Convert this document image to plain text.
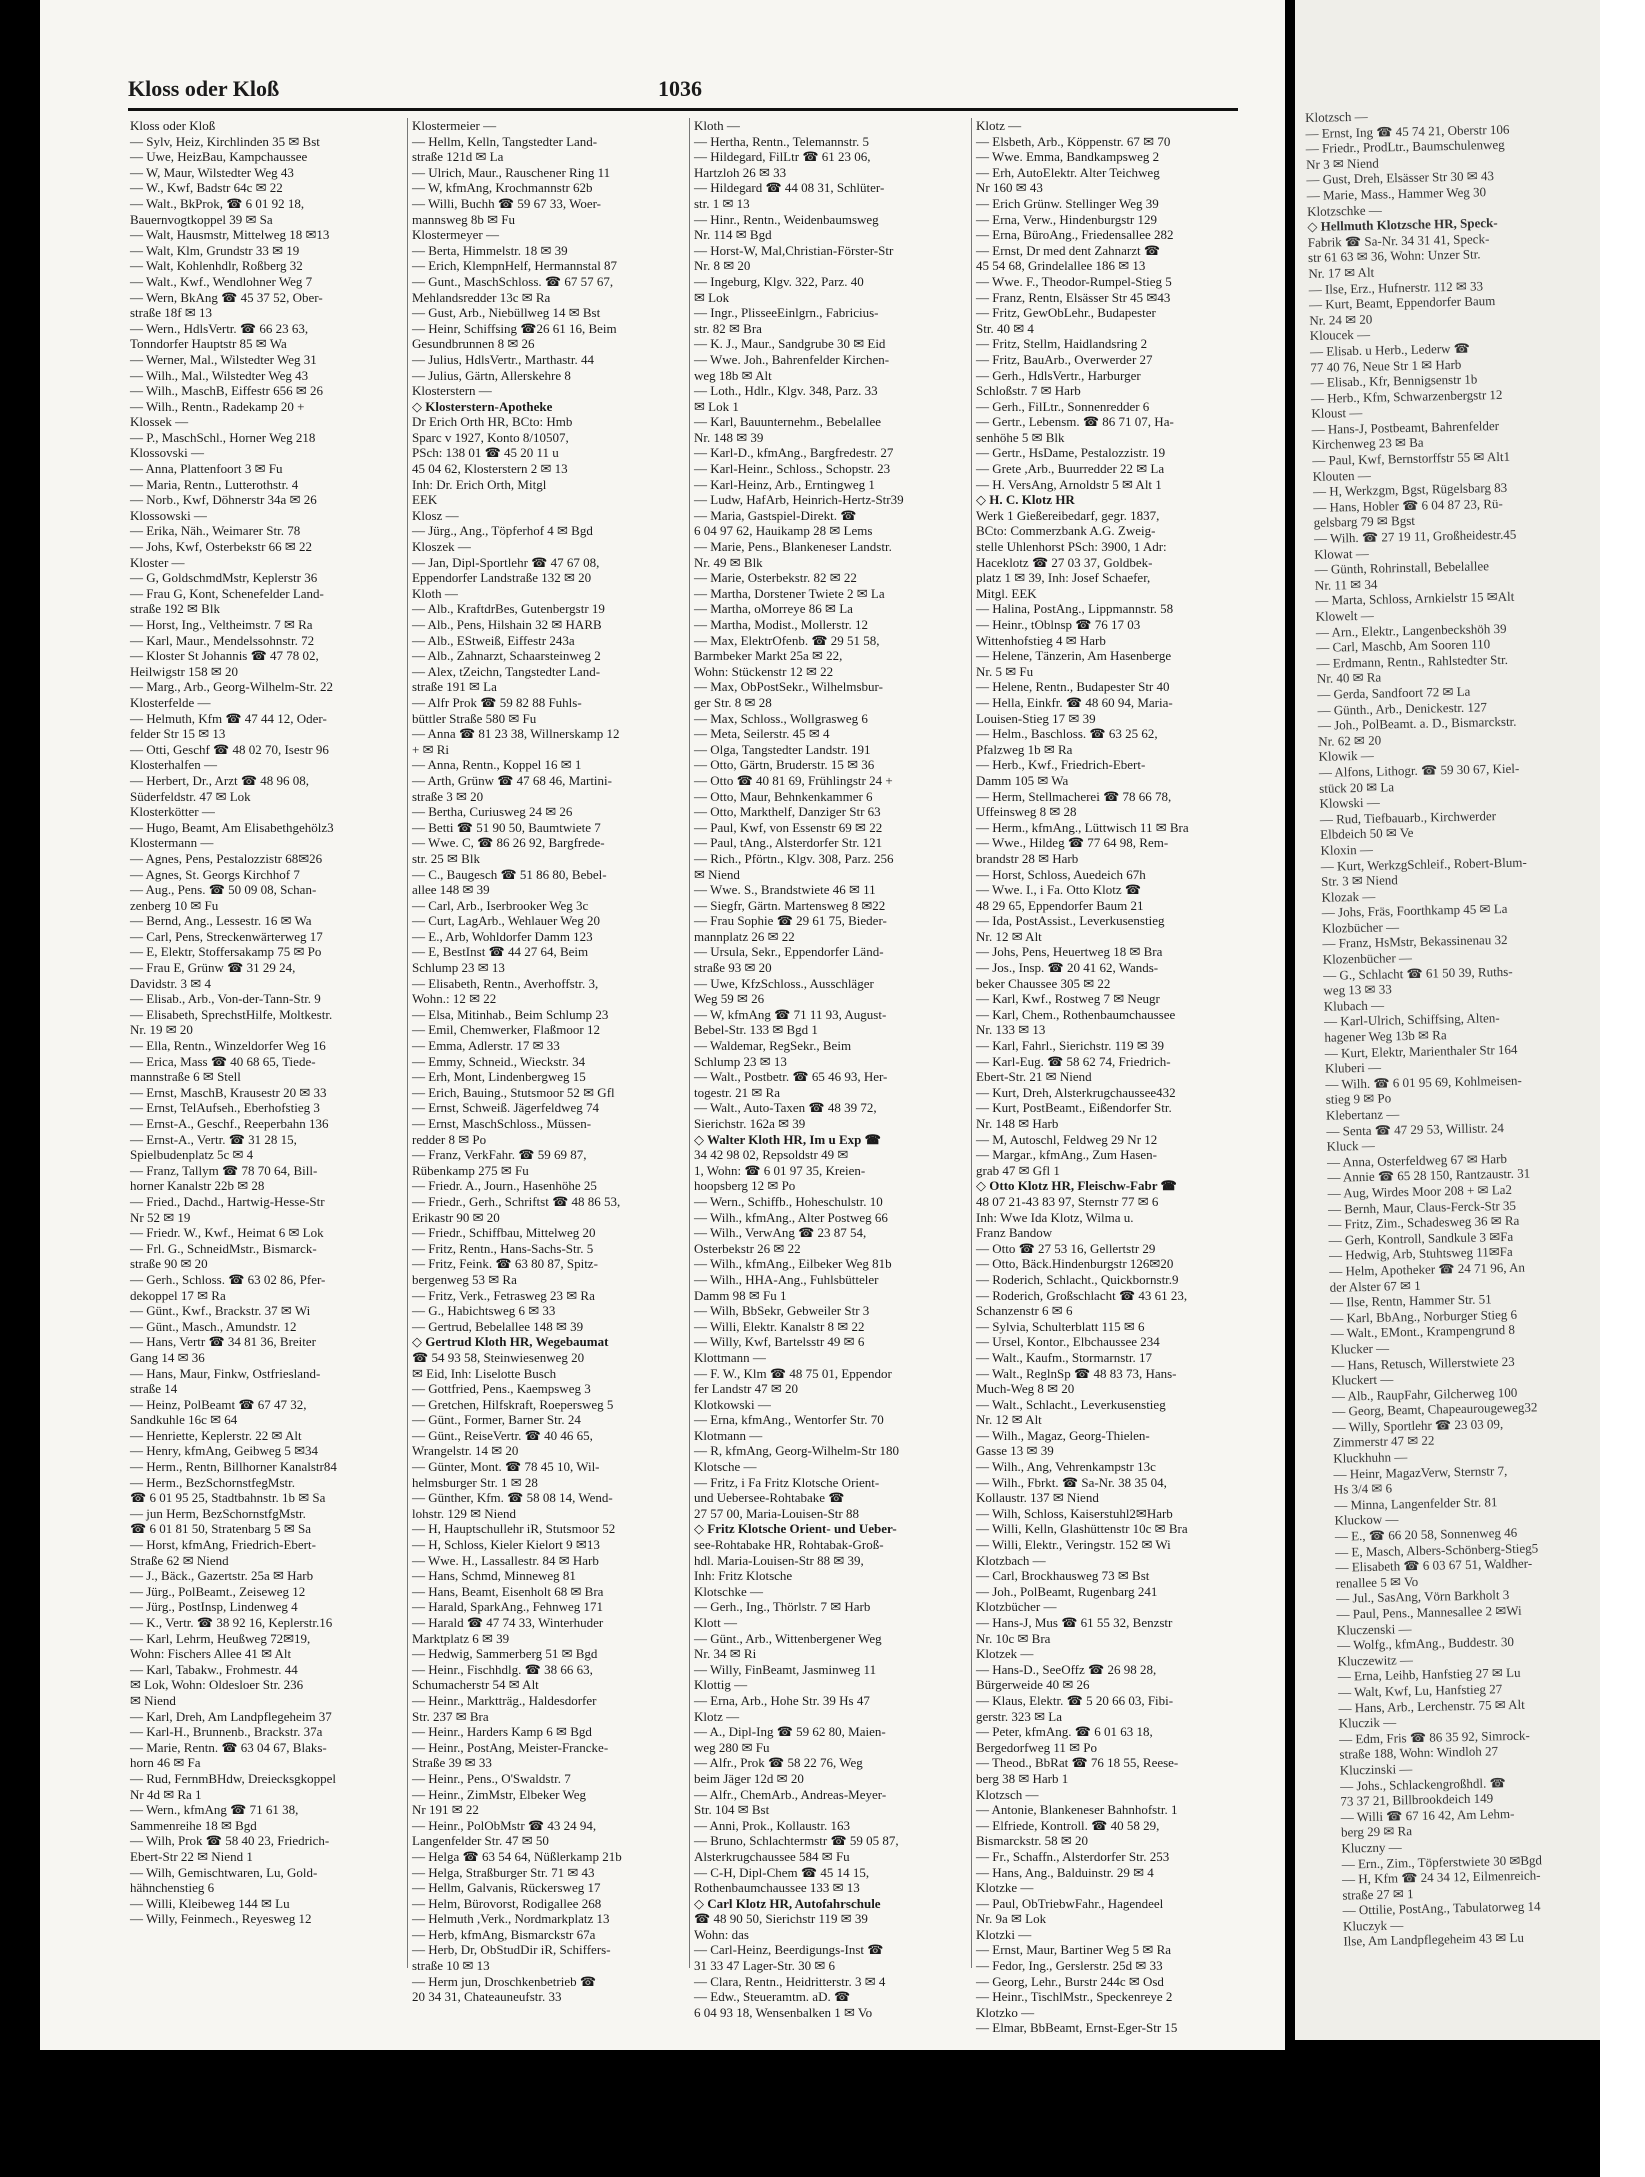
Kloss oder Kloß	1036
Kloss oder Kloß
— Sylv, Heiz, Kirchlinden 35 ✉ Bst
— Uwe, HeizBau, Kampchaussee
— W, Maur, Wilstedter Weg 43
— W., Kwf, Badstr 64c ✉ 22
— Walt., BkProk, ☎ 6 01 92 18,
Bauernvogtkoppel 39 ✉ Sa
— Walt, Hausmstr, Mittelweg 18 ✉13
— Walt, Klm, Grundstr 33 ✉ 19
— Walt, Kohlenhdlr, Roßberg 32
— Walt., Kwf., Wendlohner Weg 7
— Wern, BkAng ☎ 45 37 52, Ober-
straße 18f ✉ 13
— Wern., HdlsVertr. ☎ 66 23 63,
Tonndorfer Hauptstr 85 ✉ Wa
— Werner, Mal., Wilstedter Weg 31
— Wilh., Mal., Wilstedter Weg 43
— Wilh., MaschB, Eiffestr 656 ✉ 26
— Wilh., Rentn., Radekamp 20 +
Klossek —
— P., MaschSchl., Horner Weg 218
Klossovski —
— Anna, Plattenfoort 3 ✉ Fu
— Maria, Rentn., Lutterothstr. 4
— Norb., Kwf, Döhnerstr 34a ✉ 26
Klossowski —
— Erika, Näh., Weimarer Str. 78
— Johs, Kwf, Osterbekstr 66 ✉ 22
Kloster —
— G, GoldschmdMstr, Keplerstr 36
— Frau G, Kont, Schenefelder Land-
straße 192 ✉ Blk
— Horst, Ing., Veltheimstr. 7 ✉ Ra
— Karl, Maur., Mendelssohnstr. 72
— Kloster St Johannis ☎ 47 78 02,
Heilwigstr 158 ✉ 20
— Marg., Arb., Georg-Wilhelm-Str. 22
Klosterfelde —
— Helmuth, Kfm ☎ 47 44 12, Oder-
felder Str 15 ✉ 13
— Otti, Geschf ☎ 48 02 70, Isestr 96
Klosterhalfen —
— Herbert, Dr., Arzt ☎ 48 96 08,
Süderfeldstr. 47 ✉ Lok
Klosterkötter —
— Hugo, Beamt, Am Elisabethgehölz3
Klostermann —
— Agnes, Pens, Pestalozzistr 68✉26
— Agnes, St. Georgs Kirchhof 7
— Aug., Pens. ☎ 50 09 08, Schan-
zenberg 10 ✉ Fu
— Bernd, Ang., Lessestr. 16 ✉ Wa
— Carl, Pens, Streckenwärterweg 17
— E, Elektr, Stoffersakamp 75 ✉ Po
— Frau E, Grünw ☎ 31 29 24,
Davidstr. 3 ✉ 4
— Elisab., Arb., Von-der-Tann-Str. 9
— Elisabeth, SprechstHilfe, Moltkestr.
Nr. 19 ✉ 20
— Ella, Rentn., Winzeldorfer Weg 16
— Erica, Mass ☎ 40 68 65, Tiede-
mannstraße 6 ✉ Stell
— Ernst, MaschB, Krausestr 20 ✉ 33
— Ernst, TelAufseh., Eberhofstieg 3
— Ernst-A., Geschf., Reeperbahn 136
— Ernst-A., Vertr. ☎ 31 28 15,
Spielbudenplatz 5c ✉ 4
— Franz, Tallym ☎ 78 70 64, Bill-
horner Kanalstr 22b ✉ 28
— Fried., Dachd., Hartwig-Hesse-Str
Nr 52 ✉ 19
— Friedr. W., Kwf., Heimat 6 ✉ Lok
— Frl. G., SchneidMstr., Bismarck-
straße 90 ✉ 20
— Gerh., Schloss. ☎ 63 02 86, Pfer-
dekoppel 17 ✉ Ra
— Günt., Kwf., Brackstr. 37 ✉ Wi
— Günt., Masch., Amundstr. 12
— Hans, Vertr ☎ 34 81 36, Breiter
Gang 14 ✉ 36
— Hans, Maur, Finkw, Ostfriesland-
straße 14
— Heinz, PolBeamt ☎ 67 47 32,
Sandkuhle 16c ✉ 64
— Henriette, Keplerstr. 22 ✉ Alt
— Henry, kfmAng, Geibweg 5 ✉34
— Herm., Rentn, Billhorner Kanalstr84
— Herm., BezSchornstfegMstr.
☎ 6 01 95 25, Stadtbahnstr. 1b ✉ Sa
— jun Herm, BezSchornstfgMstr.
☎ 6 01 81 50, Stratenbarg 5 ✉ Sa
— Horst, kfmAng, Friedrich-Ebert-
Straße 62 ✉ Niend
— J., Bäck., Gazertstr. 25a ✉ Harb
— Jürg., PolBeamt., Zeiseweg 12
— Jürg., PostInsp, Lindenweg 4
— K., Vertr. ☎ 38 92 16, Keplerstr.16
— Karl, Lehrm, Heußweg 72✉19,
Wohn: Fischers Allee 41 ✉ Alt
— Karl, Tabakw., Frohmestr. 44
✉ Lok, Wohn: Oldesloer Str. 236
✉ Niend
— Karl, Dreh, Am Landpflegeheim 37
— Karl-H., Brunnenb., Brackstr. 37a
— Marie, Rentn. ☎ 63 04 67, Blaks-
horn 46 ✉ Fa
— Rud, FernmBHdw, Dreiecksgkoppel
Nr 4d ✉ Ra 1
— Wern., kfmAng ☎ 71 61 38,
Sammenreihe 18 ✉ Bgd
— Wilh, Prok ☎ 58 40 23, Friedrich-
Ebert-Str 22 ✉ Niend 1
— Wilh, Gemischtwaren, Lu, Gold-
hähnchenstieg 6
— Willi, Kleibeweg 144 ✉ Lu
— Willy, Feinmech., Reyesweg 12
Klostermeier —
— Hellm, Kelln, Tangstedter Land-
straße 121d ✉ La
— Ulrich, Maur., Rauschener Ring 11
— W, kfmAng, Krochmannstr 62b
— Willi, Buchh ☎ 59 67 33, Woer-
mannsweg 8b ✉ Fu
Klostermeyer —
— Berta, Himmelstr. 18 ✉ 39
— Erich, KlempnHelf, Hermannstal 87
— Gunt., MaschSchloss. ☎ 67 57 67,
Mehlandsredder 13c ✉ Ra
— Gust, Arb., Niebüllweg 14 ✉ Bst
— Heinr, Schiffsing ☎26 61 16, Beim
Gesundbrunnen 8 ✉ 26
— Julius, HdlsVertr., Marthastr. 44
— Julius, Gärtn, Allerskehre 8
Klosterstern —
◇ Klosterstern-Apotheke
Dr Erich Orth HR, BCto: Hmb
Sparc v 1927, Konto 8/10507,
PSch: 138 01 ☎ 45 20 11 u
45 04 62, Klosterstern 2 ✉ 13
Inh: Dr. Erich Orth, Mitgl
EEK
Klosz —
— Jürg., Ang., Töpferhof 4 ✉ Bgd
Kloszek —
— Jan, Dipl-Sportlehr ☎ 47 67 08,
Eppendorfer Landstraße 132 ✉ 20
Kloth —
— Alb., KraftdrBes, Gutenbergstr 19
— Alb., Pens, Hilshain 32 ✉ HARB
— Alb., EStweiß, Eiffestr 243a
— Alb., Zahnarzt, Schaarsteinweg 2
— Alex, tZeichn, Tangstedter Land-
straße 191 ✉ La
— Alfr Prok ☎ 59 82 88 Fuhls-
büttler Straße 580 ✉ Fu
— Anna ☎ 81 23 38, Willnerskamp 12
+ ✉ Ri
— Anna, Rentn., Koppel 16 ✉ 1
— Arth, Grünw ☎ 47 68 46, Martini-
straße 3 ✉ 20
— Bertha, Curiusweg 24 ✉ 26
— Betti ☎ 51 90 50, Baumtwiete 7
— Wwe. C, ☎ 86 26 92, Bargfrede-
str. 25 ✉ Blk
— C., Baugesch ☎ 51 86 80, Bebel-
allee 148 ✉ 39
— Carl, Arb., Iserbrooker Weg 3c
— Curt, LagArb., Wehlauer Weg 20
— E., Arb, Wohldorfer Damm 123
— E, BestInst ☎ 44 27 64, Beim
Schlump 23 ✉ 13
— Elisabeth, Rentn., Averhoffstr. 3,
Wohn.: 12 ✉ 22
— Elsa, Mitinhab., Beim Schlump 23
— Emil, Chemwerker, Flaßmoor 12
— Emma, Adlerstr. 17 ✉ 33
— Emmy, Schneid., Wieckstr. 34
— Erh, Mont, Lindenbergweg 15
— Erich, Bauing., Stutsmoor 52 ✉ Gfl
— Ernst, Schweiß. Jägerfeldweg 74
— Ernst, MaschSchloss., Müssen-
redder 8 ✉ Po
— Franz, VerkFahr. ☎ 59 69 87,
Rübenkamp 275 ✉ Fu
— Friedr. A., Journ., Hasenhöhe 25
— Friedr., Gerh., Schriftst ☎ 48 86 53,
Erikastr 90 ✉ 20
— Friedr., Schiffbau, Mittelweg 20
— Fritz, Rentn., Hans-Sachs-Str. 5
— Fritz, Feink. ☎ 63 80 87, Spitz-
bergenweg 53 ✉ Ra
— Fritz, Verk., Fetrasweg 23 ✉ Ra
— G., Habichtsweg 6 ✉ 33
— Gertrud, Bebelallee 148 ✉ 39
◇ Gertrud Kloth HR, Wegebaumat
☎ 54 93 58, Steinwiesenweg 20
✉ Eid, Inh: Liselotte Busch
— Gottfried, Pens., Kaempsweg 3
— Gretchen, Hilfskraft, Roepersweg 5
— Günt., Former, Barner Str. 24
— Günt., ReiseVertr. ☎ 40 46 65,
Wrangelstr. 14 ✉ 20
— Günter, Mont. ☎ 78 45 10, Wil-
helmsburger Str. 1 ✉ 28
— Günther, Kfm. ☎ 58 08 14, Wend-
lohstr. 129 ✉ Niend
— H, Hauptschullehr iR, Stutsmoor 52
— H, Schloss, Kieler Kielort 9 ✉13
— Wwe. H., Lassallestr. 84 ✉ Harb
— Hans, Schmd, Minneweg 81
— Hans, Beamt, Eisenholt 68 ✉ Bra
— Harald, SparkAng., Fehnweg 171
— Harald ☎ 47 74 33, Winterhuder
Marktplatz 6 ✉ 39
— Hedwig, Sammerberg 51 ✉ Bgd
— Heinr., Fischhdlg. ☎ 38 66 63,
Schumacherstr 54 ✉ Alt
— Heinr., Marktträg., Haldesdorfer
Str. 237 ✉ Bra
— Heinr., Harders Kamp 6 ✉ Bgd
— Heinr., PostAng, Meister-Francke-
Straße 39 ✉ 33
— Heinr., Pens., O'Swaldstr. 7
— Heinr., ZimMstr, Elbeker Weg
Nr 191 ✉ 22
— Heinr., PolObMstr ☎ 43 24 94,
Langenfelder Str. 47 ✉ 50
— Helga ☎ 63 54 64, Nüßlerkamp 21b
— Helga, Straßburger Str. 71 ✉ 43
— Hellm, Galvanis, Rückersweg 17
— Helm, Bürovorst, Rodigallee 268
— Helmuth ,Verk., Nordmarkplatz 13
— Herb, kfmAng, Bismarckstr 67a
— Herb, Dr, ObStudDir iR, Schiffers-
straße 10 ✉ 13
— Herm jun, Droschkenbetrieb ☎
20 34 31, Chateauneufstr. 33
Kloth —
— Hertha, Rentn., Telemannstr. 5
— Hildegard, FilLtr ☎ 61 23 06,
Hartzloh 26 ✉ 33
— Hildegard ☎ 44 08 31, Schlüter-
str. 1 ✉ 13
— Hinr., Rentn., Weidenbaumsweg
Nr. 114 ✉ Bgd
— Horst-W, Mal,Christian-Förster-Str
Nr. 8 ✉ 20
— Ingeburg, Klgv. 322, Parz. 40
✉ Lok
— Ingr., PlisseeEinlgrn., Fabricius-
str. 82 ✉ Bra
— K. J., Maur., Sandgrube 30 ✉ Eid
— Wwe. Joh., Bahrenfelder Kirchen-
weg 18b ✉ Alt
— Loth., Hdlr., Klgv. 348, Parz. 33
✉ Lok 1
— Karl, Bauunternehm., Bebelallee
Nr. 148 ✉ 39
— Karl-D., kfmAng., Bargfredestr. 27
— Karl-Heinr., Schloss., Schopstr. 23
— Karl-Heinz, Arb., Erntingweg 1
— Ludw, HafArb, Heinrich-Hertz-Str39
— Maria, Gastspiel-Direkt. ☎
6 04 97 62, Hauikamp 28 ✉ Lems
— Marie, Pens., Blankeneser Landstr.
Nr. 49 ✉ Blk
— Marie, Osterbekstr. 82 ✉ 22
— Martha, Dorstener Twiete 2 ✉ La
— Martha, oMorreye 86 ✉ La
— Martha, Modist., Mollerstr. 12
— Max, ElektrOfenb. ☎ 29 51 58,
Barmbeker Markt 25a ✉ 22,
Wohn: Stückenstr 12 ✉ 22
— Max, ObPostSekr., Wilhelmsbur-
ger Str. 8 ✉ 28
— Max, Schloss., Wollgrasweg 6
— Meta, Seilerstr. 45 ✉ 4
— Olga, Tangstedter Landstr. 191
— Otto, Gärtn, Bruderstr. 15 ✉ 36
— Otto ☎ 40 81 69, Frühlingstr 24 +
— Otto, Maur, Behnkenkammer 6
— Otto, Markthelf, Danziger Str 63
— Paul, Kwf, von Essenstr 69 ✉ 22
— Paul, tAng., Alsterdorfer Str. 121
— Rich., Pförtn., Klgv. 308, Parz. 256
✉ Niend
— Wwe. S., Brandstwiete 46 ✉ 11
— Siegfr, Gärtn. Martensweg 8 ✉22
— Frau Sophie ☎ 29 61 75, Bieder-
mannplatz 26 ✉ 22
— Ursula, Sekr., Eppendorfer Länd-
straße 93 ✉ 20
— Uwe, KfzSchloss., Ausschläger
Weg 59 ✉ 26
— W, kfmAng ☎ 71 11 93, August-
Bebel-Str. 133 ✉ Bgd 1
— Waldemar, RegSekr., Beim
Schlump 23 ✉ 13
— Walt., Postbetr. ☎ 65 46 93, Her-
togestr. 21 ✉ Ra
— Walt., Auto-Taxen ☎ 48 39 72,
Sierichstr. 162a ✉ 39
◇ Walter Kloth HR, Im u Exp ☎
34 42 98 02, Repsoldstr 49 ✉
1, Wohn: ☎ 6 01 97 35, Kreien-
hoopsberg 12 ✉ Po
— Wern., Schiffb., Hoheschulstr. 10
— Wilh., kfmAng., Alter Postweg 66
— Wilh., VerwAng ☎ 23 87 54,
Osterbekstr 26 ✉ 22
— Wilh., kfmAng., Eilbeker Weg 81b
— Wilh., HHA-Ang., Fuhlsbütteler
Damm 98 ✉ Fu 1
— Wilh, BbSekr, Gebweiler Str 3
— Willi, Elektr. Kanalstr 8 ✉ 22
— Willy, Kwf, Bartelsstr 49 ✉ 6
Klottmann —
— F. W., Klm ☎ 48 75 01, Eppendor
fer Landstr 47 ✉ 20
Klotkowski —
— Erna, kfmAng., Wentorfer Str. 70
Klotmann —
— R, kfmAng, Georg-Wilhelm-Str 180
Klotsche —
— Fritz, i Fa Fritz Klotsche Orient-
und Uebersee-Rohtabake ☎
27 57 00, Maria-Louisen-Str 88
◇ Fritz Klotsche Orient- und Ueber-
see-Rohtabake HR, Rohtabak-Groß-
hdl. Maria-Louisen-Str 88 ✉ 39,
Inh: Fritz Klotsche
Klotschke —
— Gerh., Ing., Thörlstr. 7 ✉ Harb
Klott —
— Günt., Arb., Wittenbergener Weg
Nr. 34 ✉ Ri
— Willy, FinBeamt, Jasminweg 11
Klottig —
— Erna, Arb., Hohe Str. 39 Hs 47
Klotz —
— A., Dipl-Ing ☎ 59 62 80, Maien-
weg 280 ✉ Fu
— Alfr., Prok ☎ 58 22 76, Weg
beim Jäger 12d ✉ 20
— Alfr., ChemArb., Andreas-Meyer-
Str. 104 ✉ Bst
— Anni, Prok., Kollaustr. 163
— Bruno, Schlachtermstr ☎ 59 05 87,
Alsterkrugchaussee 584 ✉ Fu
— C-H, Dipl-Chem ☎ 45 14 15,
Rothenbaumchaussee 133 ✉ 13
◇ Carl Klotz HR, Autofahrschule
☎ 48 90 50, Sierichstr 119 ✉ 39
Wohn: das
— Carl-Heinz, Beerdigungs-Inst ☎
31 33 47 Lager-Str. 30 ✉ 6
— Clara, Rentn., Heidritterstr. 3 ✉ 4
— Edw., Steueramtm. aD. ☎
6 04 93 18, Wensenbalken 1 ✉ Vo
Klotz —
— Elsbeth, Arb., Köppenstr. 67 ✉ 70
— Wwe. Emma, Bandkampsweg 2
— Erh, AutoElektr. Alter Teichweg
Nr 160 ✉ 43
— Erich Grünw. Stellinger Weg 39
— Erna, Verw., Hindenburgstr 129
— Erna, BüroAng., Friedensallee 282
— Ernst, Dr med dent Zahnarzt ☎
45 54 68, Grindelallee 186 ✉ 13
— Wwe. F., Theodor-Rumpel-Stieg 5
— Franz, Rentn, Elsässer Str 45 ✉43
— Fritz, GewObLehr., Budapester
Str. 40 ✉ 4
— Fritz, Stellm, Haidlandsring 2
— Fritz, BauArb., Overwerder 27
— Gerh., HdlsVertr., Harburger
Schloßstr. 7 ✉ Harb
— Gerh., FilLtr., Sonnenredder 6
— Gertr., Lebensm. ☎ 86 71 07, Ha-
senhöhe 5 ✉ Blk
— Gertr., HsDame, Pestalozzistr. 19
— Grete ,Arb., Buurredder 22 ✉ La
— H. VersAng, Arnoldstr 5 ✉ Alt 1
◇ H. C. Klotz HR
Werk 1 Gießereibedarf, gegr. 1837,
BCto: Commerzbank A.G. Zweig-
stelle Uhlenhorst PSch: 3900, 1 Adr:
Haceklotz ☎ 27 03 37, Goldbek-
platz 1 ✉ 39, Inh: Josef Schaefer,
Mitgl. EEK
— Halina, PostAng., Lippmannstr. 58
— Heinr., tOblnsp ☎ 76 17 03
Wittenhofstieg 4 ✉ Harb
— Helene, Tänzerin, Am Hasenberge
Nr. 5 ✉ Fu
— Helene, Rentn., Budapester Str 40
— Hella, Einkfr. ☎ 48 60 94, Maria-
Louisen-Stieg 17 ✉ 39
— Helm., Baschloss. ☎ 63 25 62,
Pfalzweg 1b ✉ Ra
— Herb., Kwf., Friedrich-Ebert-
Damm 105 ✉ Wa
— Herm, Stellmacherei ☎ 78 66 78,
Uffeinsweg 8 ✉ 28
— Herm., kfmAng., Lüttwisch 11 ✉ Bra
— Wwe., Hildeg ☎ 77 64 98, Rem-
brandstr 28 ✉ Harb
— Horst, Schloss, Auedeich 67h
— Wwe. I., i Fa. Otto Klotz ☎
48 29 65, Eppendorfer Baum 21
— Ida, PostAssist., Leverkusenstieg
Nr. 12 ✉ Alt
— Johs, Pens, Heuertweg 18 ✉ Bra
— Jos., Insp. ☎ 20 41 62, Wands-
beker Chaussee 305 ✉ 22
— Karl, Kwf., Rostweg 7 ✉ Neugr
— Karl, Chem., Rothenbaumchaussee
Nr. 133 ✉ 13
— Karl, Fahrl., Sierichstr. 119 ✉ 39
— Karl-Eug. ☎ 58 62 74, Friedrich-
Ebert-Str. 21 ✉ Niend
— Kurt, Dreh, Alsterkrugchaussee432
— Kurt, PostBeamt., Eißendorfer Str.
Nr. 148 ✉ Harb
— M, Autoschl, Feldweg 29 Nr 12
— Margar., kfmAng., Zum Hasen-
grab 47 ✉ Gfl 1
◇ Otto Klotz HR, Fleischw-Fabr ☎
48 07 21-43 83 97, Sternstr 77 ✉ 6
Inh: Wwe Ida Klotz, Wilma u.
Franz Bandow
— Otto ☎ 27 53 16, Gellertstr 29
— Otto, Bäck.Hindenburgstr 126✉20
— Roderich, Schlacht., Quickbornstr.9
— Roderich, Großschlacht ☎ 43 61 23,
Schanzenstr 6 ✉ 6
— Sylvia, Schulterblatt 115 ✉ 6
— Ursel, Kontor., Elbchaussee 234
— Walt., Kaufm., Stormarnstr. 17
— Walt., ReglnSp ☎ 48 83 73, Hans-
Much-Weg 8 ✉ 20
— Walt., Schlacht., Leverkusenstieg
Nr. 12 ✉ Alt
— Wilh., Magaz, Georg-Thielen-
Gasse 13 ✉ 39
— Wilh., Ang, Vehrenkampstr 13c
— Wilh., Fbrkt. ☎ Sa-Nr. 38 35 04,
Kollaustr. 137 ✉ Niend
— Wilh, Schloss, Kaiserstuhl2✉Harb
— Willi, Kelln, Glashüttenstr 10c ✉ Bra
— Willi, Elektr., Veringstr. 152 ✉ Wi
Klotzbach —
— Carl, Brockhausweg 73 ✉ Bst
— Joh., PolBeamt, Rugenbarg 241
Klotzbücher —
— Hans-J, Mus ☎ 61 55 32, Benzstr
Nr. 10c ✉ Bra
Klotzek —
— Hans-D., SeeOffz ☎ 26 98 28,
Bürgerweide 40 ✉ 26
— Klaus, Elektr. ☎ 5 20 66 03, Fibi-
gerstr. 323 ✉ La
— Peter, kfmAng. ☎ 6 01 63 18,
Bergedorfweg 11 ✉ Po
— Theod., BbRat ☎ 76 18 55, Reese-
berg 38 ✉ Harb 1
Klotzsch —
— Antonie, Blankeneser Bahnhofstr. 1
— Elfriede, Kontroll. ☎ 40 58 29,
Bismarckstr. 58 ✉ 20
— Fr., Schaffn., Alsterdorfer Str. 253
— Hans, Ang., Balduinstr. 29 ✉ 4
Klotzke —
— Paul, ObTriebwFahr., Hagendeel
Nr. 9a ✉ Lok
Klotzki —
— Ernst, Maur, Bartiner Weg 5 ✉ Ra
— Fedor, Ing., Gerslerstr. 25d ✉ 33
— Georg, Lehr., Burstr 244c ✉ Osd
— Heinr., TischlMstr., Speckenreye 2
Klotzko —
— Elmar, BbBeamt, Ernst-Eger-Str 15
Klotzsch —
— Ernst, Ing ☎ 45 74 21, Oberstr 106
— Friedr., ProdLtr., Baumschulenweg
Nr 3 ✉ Niend
— Gust, Dreh, Elsässer Str 30 ✉ 43
— Marie, Mass., Hammer Weg 30
Klotzschke —
◇ Hellmuth Klotzsche HR, Speck-
Fabrik ☎ Sa-Nr. 34 31 41, Speck-
str 61 63 ✉ 36, Wohn: Unzer Str.
Nr. 17 ✉ Alt
— Ilse, Erz., Hufnerstr. 112 ✉ 33
— Kurt, Beamt, Eppendorfer Baum
Nr. 24 ✉ 20
Kloucek —
— Elisab. u Herb., Lederw ☎
77 40 76, Neue Str 1 ✉ Harb
— Elisab., Kfr, Bennigsenstr 1b
— Herb., Kfm, Schwarzenbergstr 12
Kloust —
— Hans-J, Postbeamt, Bahrenfelder
Kirchenweg 23 ✉ Ba
— Paul, Kwf, Bernstorffstr 55 ✉ Alt1
Klouten —
— H, Werkzgm, Bgst, Rügelsbarg 83
— Hans, Hobler ☎ 6 04 87 23, Rü-
gelsbarg 79 ✉ Bgst
— Wilh. ☎ 27 19 11, Großheidestr.45
Klowat —
— Günth, Rohrinstall, Bebelallee
Nr. 11 ✉ 34
— Marta, Schloss, Arnkielstr 15 ✉Alt
Klowelt —
— Arn., Elektr., Langenbeckshöh 39
— Carl, Maschb, Am Sooren 110
— Erdmann, Rentn., Rahlstedter Str.
Nr. 40 ✉ Ra
— Gerda, Sandfoort 72 ✉ La
— Günth., Arb., Denickestr. 127
— Joh., PolBeamt. a. D., Bismarckstr.
Nr. 62 ✉ 20
Klowik —
— Alfons, Lithogr. ☎ 59 30 67, Kiel-
stück 20 ✉ La
Klowski —
— Rud, Tiefbauarb., Kirchwerder
Elbdeich 50 ✉ Ve
Kloxin —
— Kurt, WerkzgSchleif., Robert-Blum-
Str. 3 ✉ Niend
Klozak —
— Johs, Fräs, Foorthkamp 45 ✉ La
Klozbücher —
— Franz, HsMstr, Bekassinenau 32
Klozenbücher —
— G., Schlacht ☎ 61 50 39, Ruths-
weg 13 ✉ 33
Klubach —
— Karl-Ulrich, Schiffsing, Alten-
hagener Weg 13b ✉ Ra
— Kurt, Elektr, Marienthaler Str 164
Kluberi —
— Wilh. ☎ 6 01 95 69, Kohlmeisen-
stieg 9 ✉ Po
Klebertanz —
— Senta ☎ 47 29 53, Willistr. 24
Kluck —
— Anna, Osterfeldweg 67 ✉ Harb
— Annie ☎ 65 28 150, Rantzaustr. 31
— Aug, Wirdes Moor 208 + ✉ La2
— Bernh, Maur, Claus-Ferck-Str 35
— Fritz, Zim., Schadesweg 36 ✉ Ra
— Gerh, Kontroll, Sandkule 3 ✉Fa
— Hedwig, Arb, Stuhtsweg 11✉Fa
— Helm, Apotheker ☎ 24 71 96, An
der Alster 67 ✉ 1
— Ilse, Rentn, Hammer Str. 51
— Karl, BbAng., Norburger Stieg 6
— Walt., EMont., Krampengrund 8
Klucker —
— Hans, Retusch, Willerstwiete 23
Kluckert —
— Alb., RaupFahr, Gilcherweg 100
— Georg, Beamt, Chapeaurougeweg32
— Willy, Sportlehr ☎ 23 03 09,
Zimmerstr 47 ✉ 22
Kluckhuhn —
— Heinr, MagazVerw, Sternstr 7,
Hs 3/4 ✉ 6
— Minna, Langenfelder Str. 81
Kluckow —
— E., ☎ 66 20 58, Sonnenweg 46
— E, Masch, Albers-Schönberg-Stieg5
— Elisabeth ☎ 6 03 67 51, Waldher-
renallee 5 ✉ Vo
— Jul., SasAng, Vörn Barkholt 3
— Paul, Pens., Mannesallee 2 ✉Wi
Kluczenski —
— Wolfg., kfmAng., Buddestr. 30
Kluczewitz —
— Erna, Leihb, Hanfstieg 27 ✉ Lu
— Walt, Kwf, Lu, Hanfstieg 27
— Hans, Arb., Lerchenstr. 75 ✉ Alt
Kluczik —
— Edm, Fris ☎ 86 35 92, Simrock-
straße 188, Wohn: Windloh 27
Kluczinski —
— Johs., Schlackengroßhdl. ☎
73 37 21, Billbrookdeich 149
— Willi ☎ 67 16 42, Am Lehm-
berg 29 ✉ Ra
Kluczny —
— Ern., Zim., Töpferstwiete 30 ✉Bgd
— H, Kfm ☎ 24 34 12, Eilmenreich-
straße 27 ✉ 1
— Ottilie, PostAng., Tabulatorweg 14
Kluczyk —
Ilse, Am Landpflegeheim 43 ✉ Lu
